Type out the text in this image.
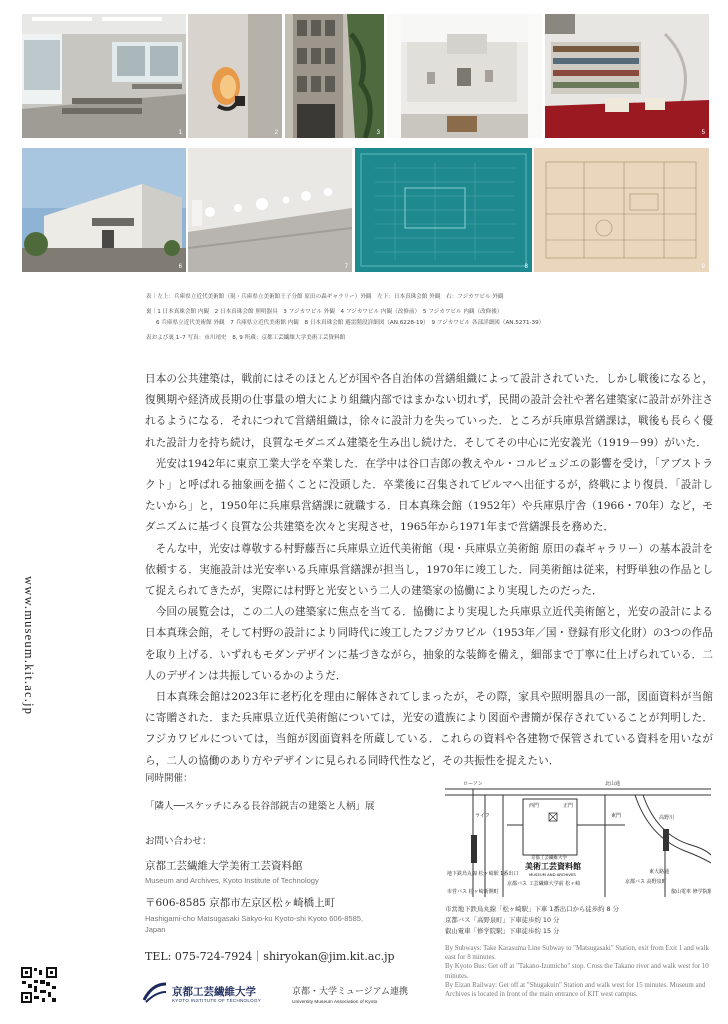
1	2	3	4	5
6	7	8	9
表｜左上：兵庫県立近代美術館（現・兵庫県立美術館王子分館 原田の森ギャラリー）外観　左下：日本真珠会館 外観　右：フジカワビル 外観
裏｜1 日本真珠会館 内観　2 日本真珠会館 照明器具　3 フジカワビル 外観　4 フジカワビル 内観（改修前）　5 フジカワビル 内観（改修後）
6 兵庫県立近代美術館 外観　7 兵庫県立近代美術館 内観　8 日本真珠会館 避雷階段詳細図（AN.6228-19）　9 フジカワビル 各部詳細図（AN.5271-39）
表および裏 1–7 写真：市川靖史　8, 9 所蔵：京都工芸繊維大学美術工芸資料館

日本の公共建築は，戦前にはそのほとんどが国や各自治体の営繕組織によって設計されていた．しかし戦後になると，復興期や経済成長期の仕事量の増大により組織内部ではまかない切れず，民間の設計会社や著名建築家に設計が外注されるようになる．それにつれて営繕組織は，徐々に設計力を失っていった．ところが兵庫県営繕課は，戦後も長らく優れた設計力を持ち続け，良質なモダニズム建築を生み出し続けた．そしてその中心に光安義光（1919－99）がいた．

光安は1942年に東京工業大学を卒業した．在学中は谷口吉郎の教えやル・コルビュジエの影響を受け，「アブストラクト」と呼ばれる抽象画を描くことに没頭した．卒業後に召集されてビルマへ出征するが，終戦により復員．「設計したいから」と，1950年に兵庫県営繕課に就職する．日本真珠会館（1952年）や兵庫県庁舎（1966・70年）など，モダニズムに基づく良質な公共建築を次々と実現させ，1965年から1971年まで営繕課長を務めた．

そんな中，光安は尊敬する村野藤吾に兵庫県立近代美術館（現・兵庫県立美術館 原田の森ギャラリー）の基本設計を依頼する．実施設計は光安率いる兵庫県営繕課が担当し，1970年に竣工した．同美術館は従来，村野単独の作品として捉えられてきたが，実際には村野と光安という二人の建築家の協働により実現したのだった．

今回の展覧会は，この二人の建築家に焦点を当てる．協働により実現した兵庫県立近代美術館と，光安の設計による日本真珠会館，そして村野の設計により同時代に竣工したフジカワビル（1953年／国・登録有形文化財）の3つの作品を取り上げる．いずれもモダンデザインに基づきながら，抽象的な装飾を備え，細部まで丁寧に仕上げられている．二人のデザインは共振しているかのようだ．

日本真珠会館は2023年に老朽化を理由に解体されてしまったが，その際，家具や照明器具の一部，図面資料が当館に寄贈された．また兵庫県立近代美術館については，光安の遺族により図面や書簡が保存されていることが判明した．フジカワビルについては，当館が図面資料を所蔵している．これらの資料や各建物で保管されている資料を用いながら，二人の協働のあり方やデザインに見られる同時代性など，その共振性を捉えたい．

www.museum.kit.ac.jp
同時開催：
「隣人──スケッチにみる長谷部鋭吉の建築と人柄」展
お問い合わせ：
京都工芸繊維大学美術工芸資料館
Museum and Archives, Kyoto Institute of Technology
〒606-8585 京都市左京区松ヶ崎橋上町
Hashigami-cho Matsugasaki Sakyo-ku Kyoto-shi Kyoto 606-8585, Japan
TEL: 075-724-7924｜shiryokan@jim.kit.ac.jp
ローソン	北山通
ライフ
西門	正門
東門	高野川
地下鉄烏丸線 松ヶ崎駅 1番出口
京都バス 高野泉町
叡山電車 修学院駅
京都バス 工芸繊維大学前 松ヶ崎
東大路通
市営バス 松ヶ崎新開町
京都工芸繊維大学
美術工芸資料館
MUSEUM AND ARCHIVES
市営地下鉄烏丸線「松ヶ崎駅」下車 1番出口から徒歩約 8 分
京都バス「高野泉町」下車徒歩約 10 分
叡山電車「修学院駅」下車徒歩約 15 分
By Subways: Take Karasuma Line Subway to "Matsugasaki" Station, exit from Exit 1 and walk east for 8 minutes.
By Kyoto Bus: Get off at "Takano-Izumicho" stop. Cross the Takano river and walk west for 10 minutes.
By Eizan Railway: Get off at "Shugakuin" Station and walk west for 15 minutes. Museum and Archives is located in front of the main entrance of KIT west campus.
京都工芸繊維大学
KYOTO INSTITUTE OF TECHNOLOGY
京都・大学ミュージアム連携
University Museum Association of Kyoto
